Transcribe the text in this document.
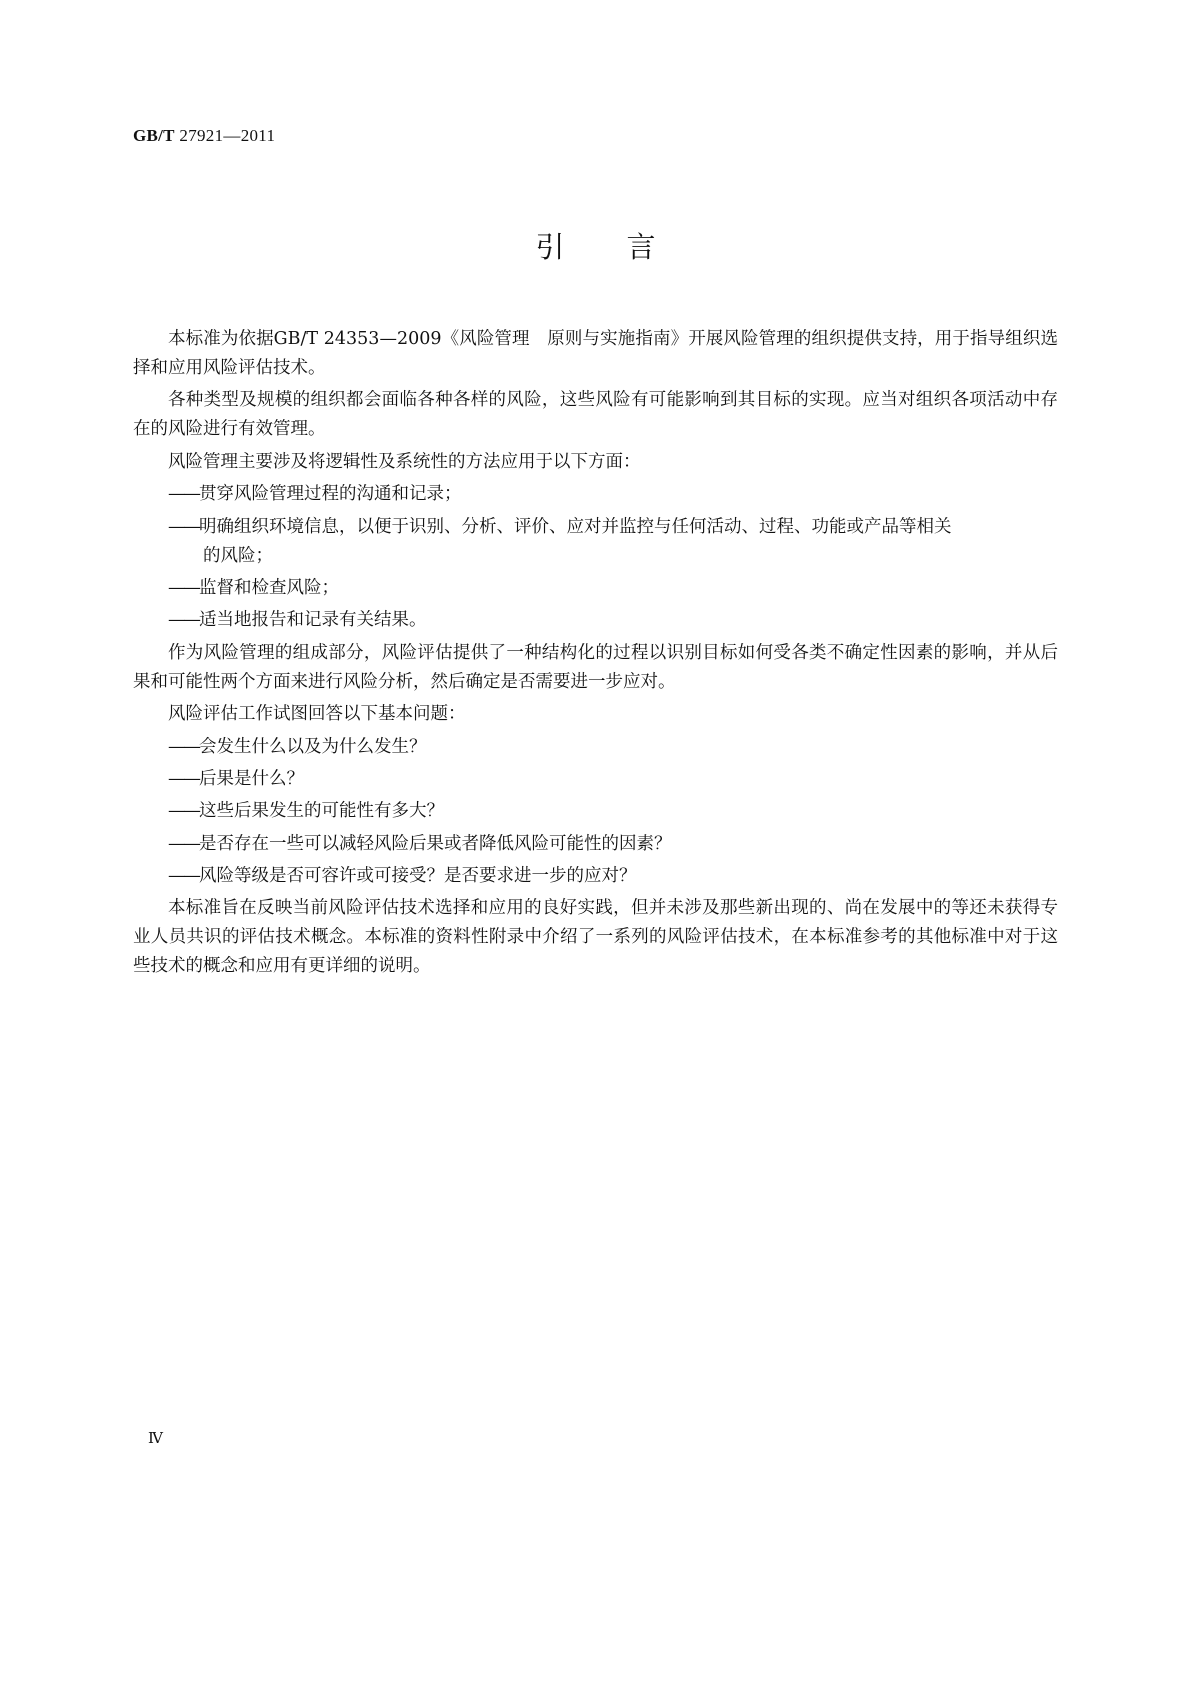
GB/T 27921—2011
引 言

本标准为依据GB/T 24353—2009《风险管理　原则与实施指南》开展风险管理的组织提供支持，用于指导组织选择和应用风险评估技术。

各种类型及规模的组织都会面临各种各样的风险，这些风险有可能影响到其目标的实现。应当对组织各项活动中存在的风险进行有效管理。

风险管理主要涉及将逻辑性及系统性的方法应用于以下方面：

——贯穿风险管理过程的沟通和记录；
——明确组织环境信息，以便于识别、分析、评价、应对并监控与任何活动、过程、功能或产品等相关
的风险；
——监督和检查风险；
——适当地报告和记录有关结果。

作为风险管理的组成部分，风险评估提供了一种结构化的过程以识别目标如何受各类不确定性因素的影响，并从后果和可能性两个方面来进行风险分析，然后确定是否需要进一步应对。

风险评估工作试图回答以下基本问题：

——会发生什么以及为什么发生？
——后果是什么？
——这些后果发生的可能性有多大？
——是否存在一些可以减轻风险后果或者降低风险可能性的因素？
——风险等级是否可容许或可接受？是否要求进一步的应对？

本标准旨在反映当前风险评估技术选择和应用的良好实践，但并未涉及那些新出现的、尚在发展中的等还未获得专业人员共识的评估技术概念。本标准的资料性附录中介绍了一系列的风险评估技术，在本标准参考的其他标准中对于这些技术的概念和应用有更详细的说明。

Ⅳ
